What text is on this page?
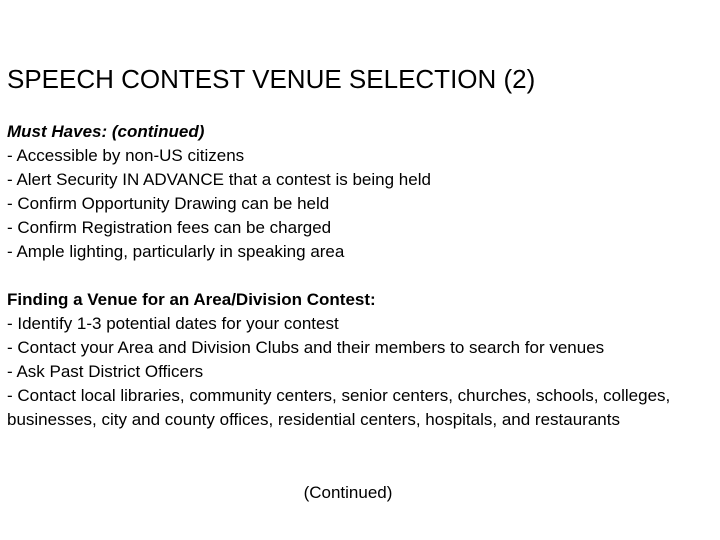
SPEECH CONTEST VENUE SELECTION (2)
Must Haves: (continued)
- Accessible by non-US citizens
- Alert Security IN ADVANCE that a contest is being held
- Confirm Opportunity Drawing can be held
- Confirm Registration fees can be charged
- Ample lighting, particularly in speaking area
Finding a Venue for an Area/Division Contest:
- Identify 1-3 potential dates for your contest
- Contact your Area and Division Clubs and their members to search for venues
- Ask Past District Officers
- Contact local libraries, community centers, senior centers, churches, schools, colleges, businesses, city and county offices, residential centers, hospitals, and restaurants
(Continued)
